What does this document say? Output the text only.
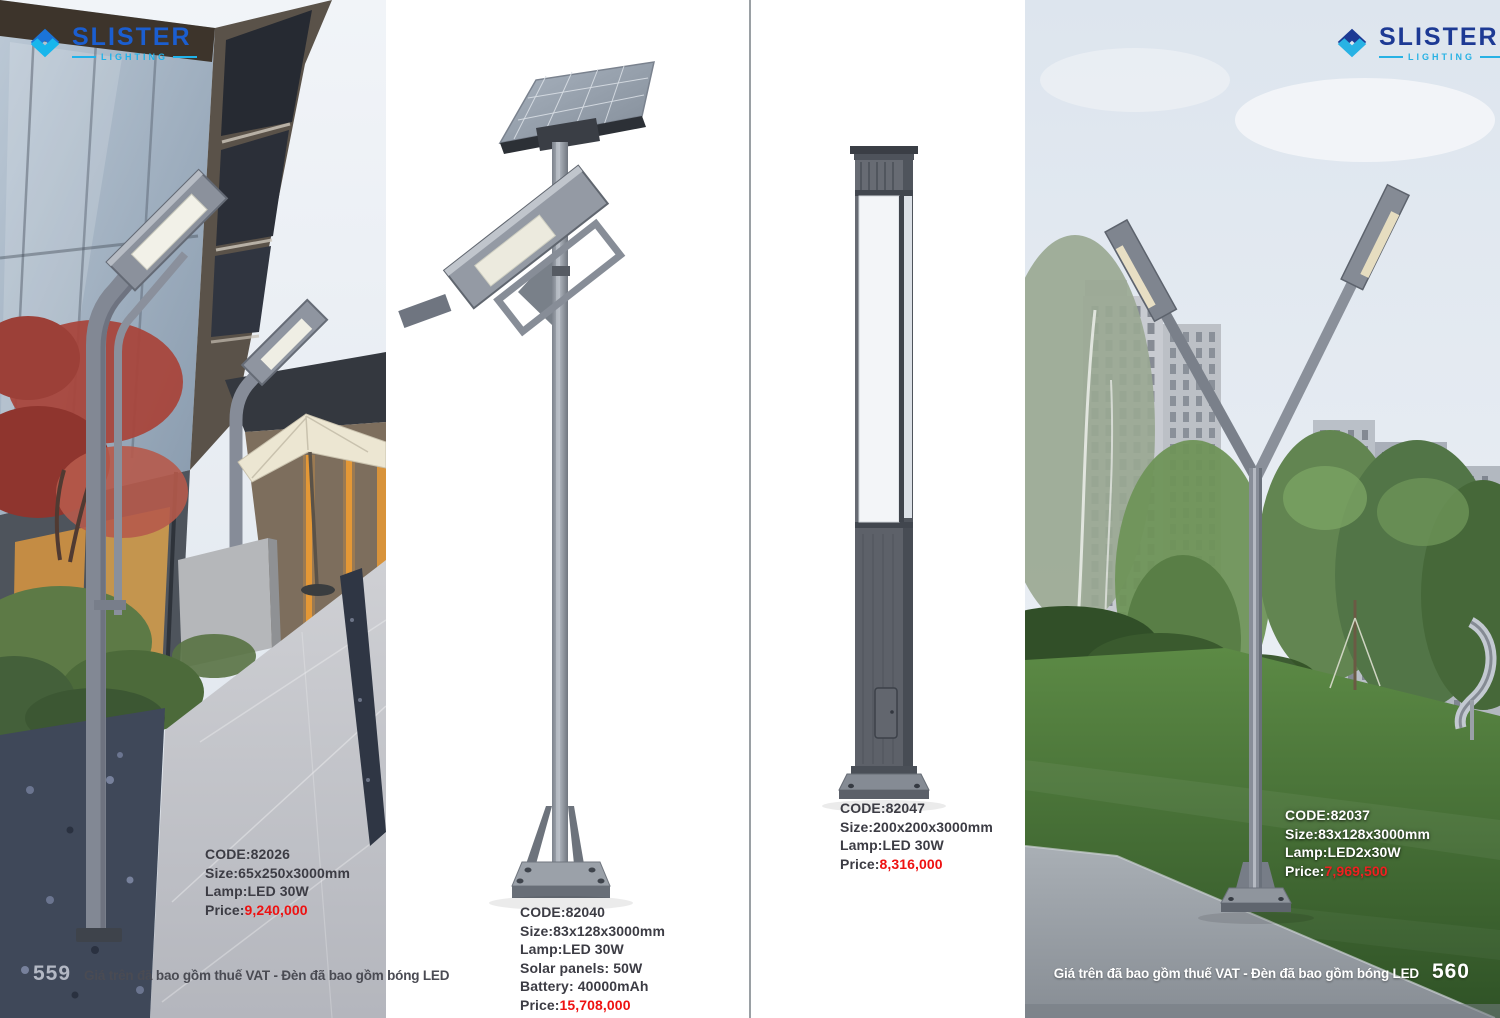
SLISTER
LIGHTING
SLISTER
LIGHTING
CODE:82026
Size:65x250x3000mm
Lamp:LED 30W
Price:9,240,000	CODE:82040
Size:83x128x3000mm
Lamp:LED 30W
Solar panels: 50W
Battery: 40000mAh
Price:15,708,000
CODE:82047
Size:200x200x3000mm
Lamp:LED 30W
Price:8,316,000
CODE:82037
Size:83x128x3000mm
Lamp:LED2x30W
Price:7,969,500
559 Giá trên đã bao gồm thuế VAT - Đèn đã bao gồm bóng LED	Giá trên đã bao gồm thuế VAT - Đèn đã bao gồm bóng LED 560
